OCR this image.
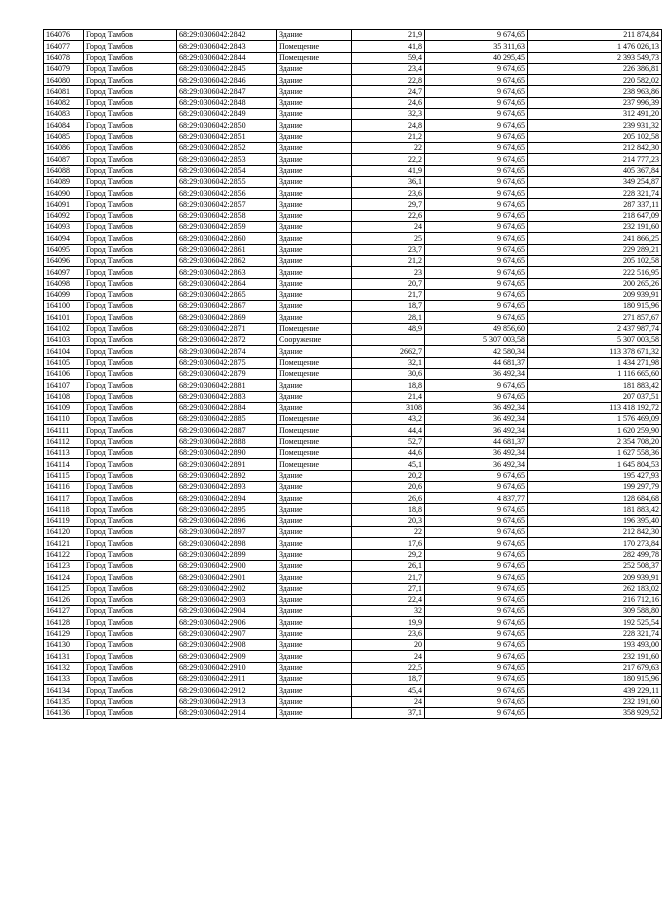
164076	Город Тамбов	68:29:0306042:2842	Здание	21,9	9 674,65	211 874,84
164077	Город Тамбов	68:29:0306042:2843	Помещение	41,8	35 311,63	1 476 026,13
164078	Город Тамбов	68:29:0306042:2844	Помещение	59,4	40 295,45	2 393 549,73
164079	Город Тамбов	68:29:0306042:2845	Здание	23,4	9 674,65	226 386,81
164080	Город Тамбов	68:29:0306042:2846	Здание	22,8	9 674,65	220 582,02
164081	Город Тамбов	68:29:0306042:2847	Здание	24,7	9 674,65	238 963,86
164082	Город Тамбов	68:29:0306042:2848	Здание	24,6	9 674,65	237 996,39
164083	Город Тамбов	68:29:0306042:2849	Здание	32,3	9 674,65	312 491,20
164084	Город Тамбов	68:29:0306042:2850	Здание	24,8	9 674,65	239 931,32
164085	Город Тамбов	68:29:0306042:2851	Здание	21,2	9 674,65	205 102,58
164086	Город Тамбов	68:29:0306042:2852	Здание	22	9 674,65	212 842,30
164087	Город Тамбов	68:29:0306042:2853	Здание	22,2	9 674,65	214 777,23
164088	Город Тамбов	68:29:0306042:2854	Здание	41,9	9 674,65	405 367,84
164089	Город Тамбов	68:29:0306042:2855	Здание	36,1	9 674,65	349 254,87
164090	Город Тамбов	68:29:0306042:2856	Здание	23,6	9 674,65	228 321,74
164091	Город Тамбов	68:29:0306042:2857	Здание	29,7	9 674,65	287 337,11
164092	Город Тамбов	68:29:0306042:2858	Здание	22,6	9 674,65	218 647,09
164093	Город Тамбов	68:29:0306042:2859	Здание	24	9 674,65	232 191,60
164094	Город Тамбов	68:29:0306042:2860	Здание	25	9 674,65	241 866,25
164095	Город Тамбов	68:29:0306042:2861	Здание	23,7	9 674,65	229 289,21
164096	Город Тамбов	68:29:0306042:2862	Здание	21,2	9 674,65	205 102,58
164097	Город Тамбов	68:29:0306042:2863	Здание	23	9 674,65	222 516,95
164098	Город Тамбов	68:29:0306042:2864	Здание	20,7	9 674,65	200 265,26
164099	Город Тамбов	68:29:0306042:2865	Здание	21,7	9 674,65	209 939,91
164100	Город Тамбов	68:29:0306042:2867	Здание	18,7	9 674,65	180 915,96
164101	Город Тамбов	68:29:0306042:2869	Здание	28,1	9 674,65	271 857,67
164102	Город Тамбов	68:29:0306042:2871	Помещение	48,9	49 856,60	2 437 987,74
164103	Город Тамбов	68:29:0306042:2872	Сооружение		5 307 003,58	5 307 003,58
164104	Город Тамбов	68:29:0306042:2874	Здание	2662,7	42 580,34	113 378 671,32
164105	Город Тамбов	68:29:0306042:2875	Помещение	32,1	44 681,37	1 434 271,98
164106	Город Тамбов	68:29:0306042:2879	Помещение	30,6	36 492,34	1 116 665,60
164107	Город Тамбов	68:29:0306042:2881	Здание	18,8	9 674,65	181 883,42
164108	Город Тамбов	68:29:0306042:2883	Здание	21,4	9 674,65	207 037,51
164109	Город Тамбов	68:29:0306042:2884	Здание	3108	36 492,34	113 418 192,72
164110	Город Тамбов	68:29:0306042:2885	Помещение	43,2	36 492,34	1 576 469,09
164111	Город Тамбов	68:29:0306042:2887	Помещение	44,4	36 492,34	1 620 259,90
164112	Город Тамбов	68:29:0306042:2888	Помещение	52,7	44 681,37	2 354 708,20
164113	Город Тамбов	68:29:0306042:2890	Помещение	44,6	36 492,34	1 627 558,36
164114	Город Тамбов	68:29:0306042:2891	Помещение	45,1	36 492,34	1 645 804,53
164115	Город Тамбов	68:29:0306042:2892	Здание	20,2	9 674,65	195 427,93
164116	Город Тамбов	68:29:0306042:2893	Здание	20,6	9 674,65	199 297,79
164117	Город Тамбов	68:29:0306042:2894	Здание	26,6	4 837,77	128 684,68
164118	Город Тамбов	68:29:0306042:2895	Здание	18,8	9 674,65	181 883,42
164119	Город Тамбов	68:29:0306042:2896	Здание	20,3	9 674,65	196 395,40
164120	Город Тамбов	68:29:0306042:2897	Здание	22	9 674,65	212 842,30
164121	Город Тамбов	68:29:0306042:2898	Здание	17,6	9 674,65	170 273,84
164122	Город Тамбов	68:29:0306042:2899	Здание	29,2	9 674,65	282 499,78
164123	Город Тамбов	68:29:0306042:2900	Здание	26,1	9 674,65	252 508,37
164124	Город Тамбов	68:29:0306042:2901	Здание	21,7	9 674,65	209 939,91
164125	Город Тамбов	68:29:0306042:2902	Здание	27,1	9 674,65	262 183,02
164126	Город Тамбов	68:29:0306042:2903	Здание	22,4	9 674,65	216 712,16
164127	Город Тамбов	68:29:0306042:2904	Здание	32	9 674,65	309 588,80
164128	Город Тамбов	68:29:0306042:2906	Здание	19,9	9 674,65	192 525,54
164129	Город Тамбов	68:29:0306042:2907	Здание	23,6	9 674,65	228 321,74
164130	Город Тамбов	68:29:0306042:2908	Здание	20	9 674,65	193 493,00
164131	Город Тамбов	68:29:0306042:2909	Здание	24	9 674,65	232 191,60
164132	Город Тамбов	68:29:0306042:2910	Здание	22,5	9 674,65	217 679,63
164133	Город Тамбов	68:29:0306042:2911	Здание	18,7	9 674,65	180 915,96
164134	Город Тамбов	68:29:0306042:2912	Здание	45,4	9 674,65	439 229,11
164135	Город Тамбов	68:29:0306042:2913	Здание	24	9 674,65	232 191,60
164136	Город Тамбов	68:29:0306042:2914	Здание	37,1	9 674,65	358 929,52
